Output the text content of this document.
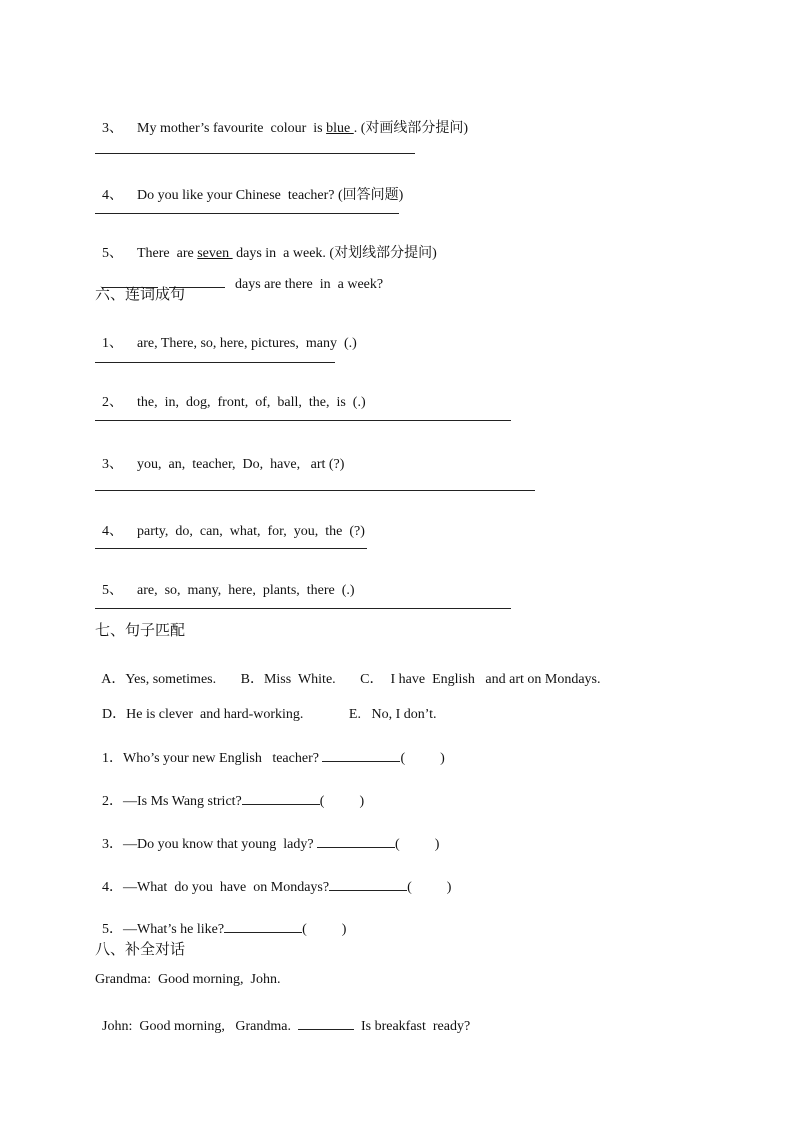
3、 My mother’s favourite  colour  is blue . (对画线部分提问)

4、 Do you like your Chinese  teacher? (回答问题)

5、 There  are seven  days in  a week. (对划线部分提问)

days are there  in  a week?

六、连词成句

1、 are, There, so, here, pictures,  many  (.)

2、 the,  in,  dog,  front,  of,  ball,  the,  is  (.)

3、 you,  an,  teacher,  Do,  have,   art (?)

4、 party,  do,  can,  what,  for,  you,  the  (?)

5、 are,  so,  many,  here,  plants,  there  (.)

七、句子匹配

A．Yes, sometimes. B．Miss  White. C． I have  English   and art on Mondays.

D．He is clever  and hard-working.	E. No, I don’t.

1．Who’s your new English   teacher?	(          )

2．—Is Ms Wang strict?	(          )

3．—Do you know that young  lady?	(          )

4．—What  do you  have  on Mondays?	(          )

5．—What’s he like?	(          )

八、补全对话
Grandma:  Good morning,  John.

John:  Good morning,   Grandma.	Is breakfast  ready?
